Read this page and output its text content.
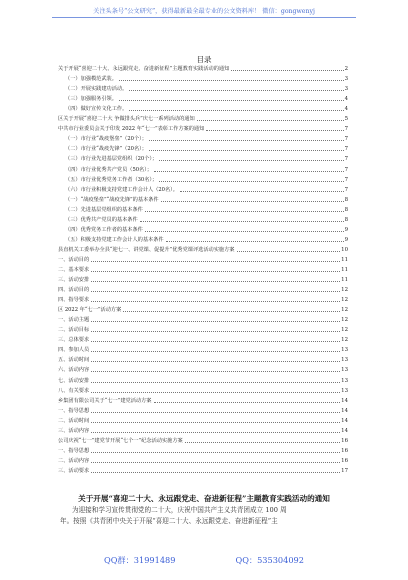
关注头条号“公文研究”，获得最新最全最专业的公文资料库！ 微信：gongwenyj
目录
关于开展“喜迎二十大、永远跟党走、奋进新征程”主题教育实践活动的通知	2
（一）加强模范武装。	3
（二）开展实践建功活动。	3
（三）加强服务引领。	4
（四）做好宣传文化工作。	4
区关于开展“喜迎二十大 争做排头兵”庆七一系列活动的通知	5
中共市行业委员会关于印发 2022 年“七一”表彰工作方案的通知	7
（一）市行业“战疫堡垒”（20个）；	7
（二）市行业“战疫先锋”（20名）；	7
（三）市行业先进基层党组织（20个）；	7
（四）市行业优秀共产党员（50名）；	7
（五）市行业优秀党务工作者（30名）；	7
（六）市行业积极支持党建工作会计人（20名）。	7
（一）“战疫堡垒”“战疫先锋”的基本条件	8
（二）先进基层党组织的基本条件	8
（三）优秀共产党员的基本条件	8
（四）优秀党务工作者的基本条件	9
（五）积极支持党建工作会计人的基本条件	9
县直机关工委举办全县“迎七一、讲党课、促提升”优秀党课评选活动实施方案	10
一、活动目的	11
二、基本要求	11
三、活动安排	11
四、活动目的	12
四、指导要求	12
区 2022 年“七一”活动方案	12
一、活动主题	12
二、活动目标	12
三、总体要求	12
四、参加人员	13
五、活动时间	13
六、活动内容	13
七、活动安排	13
八、有关要求	13
乡集团有限公司关于“七一”建党活动方案	14
一、指导思想	14
二、活动时间	14
三、活动内容	14
公司庆祝“七一”建党节开展“七个一”纪念活动实施方案	16
一、指导思想	16
二、活动内容	16
三、活动要求	17
关于开展“喜迎二十大、永远跟党走、奋进新征程”主题教育实践活动的通知
为迎接和学习宣传贯彻党的二十大，庆祝中国共产主义共青团成立 100 周
年。按照《共青团中央关于开展“喜迎二十大、永远跟党走、奋进新征程”主
QQ群：31991489	QQ：535304092
